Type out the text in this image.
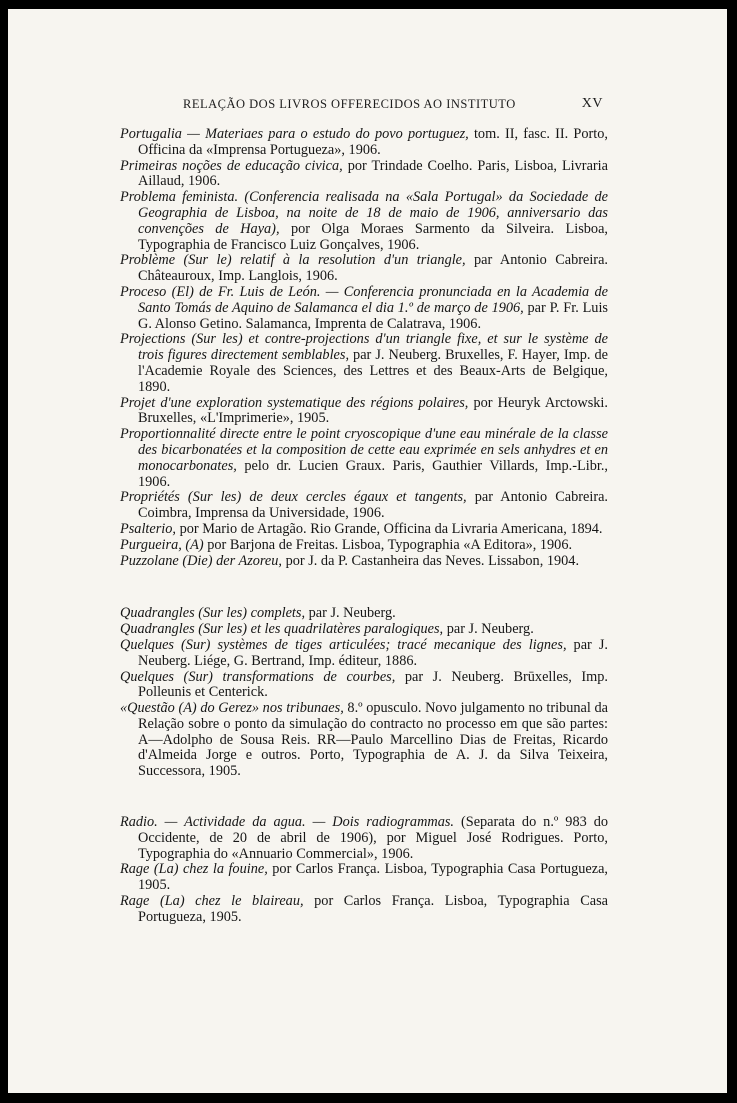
RELAÇÃO DOS LIVROS OFFERECIDOS AO INSTITUTO	XV

Portugalia — Materiaes para o estudo do povo portuguez, tom. II, fasc. II. Porto, Officina da «Imprensa Portugueza», 1906.

Primeiras noções de educação civica, por Trindade Coelho. Paris, Lisboa, Livraria Aillaud, 1906.

Problema feminista. (Conferencia realisada na «Sala Portugal» da Sociedade de Geographia de Lisboa, na noite de 18 de maio de 1906, anniversario das convenções de Haya), por Olga Moraes Sarmento da Silveira. Lisboa, Typographia de Francisco Luiz Gonçalves, 1906.

Problème (Sur le) relatif à la resolution d'un triangle, par Antonio Cabreira. Châteauroux, Imp. Langlois, 1906.

Proceso (El) de Fr. Luis de León. — Conferencia pronunciada en la Academia de Santo Tomás de Aquino de Salamanca el dia 1.º de março de 1906, par P. Fr. Luis G. Alonso Getino. Salamanca, Imprenta de Calatrava, 1906.

Projections (Sur les) et contre-projections d'un triangle fixe, et sur le système de trois figures directement semblables, par J. Neuberg. Bruxelles, F. Hayer, Imp. de l'Academie Royale des Sciences, des Lettres et des Beaux-Arts de Belgique, 1890.

Projet d'une exploration systematique des régions polaires, por Heuryk Arctowski. Bruxelles, «L'Imprimerie», 1905.

Proportionnalité directe entre le point cryoscopique d'une eau minérale de la classe des bicarbonatées et la composition de cette eau exprimée en sels anhydres et en monocarbonates, pelo dr. Lucien Graux. Paris, Gauthier Villards, Imp.-Libr., 1906.

Propriétés (Sur les) de deux cercles égaux et tangents, par Antonio Cabreira. Coimbra, Imprensa da Universidade, 1906.

Psalterio, por Mario de Artagão. Rio Grande, Officina da Livraria Americana, 1894.

Purgueira, (A) por Barjona de Freitas. Lisboa, Typographia «A Editora», 1906.

Puzzolane (Die) der Azoreu, por J. da P. Castanheira das Neves. Lissabon, 1904.

Quadrangles (Sur les) complets, par J. Neuberg.

Quadrangles (Sur les) et les quadrilatères paralogiques, par J. Neuberg.

Quelques (Sur) systèmes de tiges articulées; tracé mecanique des lignes, par J. Neuberg. Liége, G. Bertrand, Imp. éditeur, 1886.

Quelques (Sur) transformations de courbes, par J. Neuberg. Brūxelles, Imp. Polleunis et Centerick.

«Questão (A) do Gerez» nos tribunaes, 8.º opusculo. Novo julgamento no tribunal da Relação sobre o ponto da simulação do contracto no processo em que são partes: A—Adolpho de Sousa Reis. RR—Paulo Marcellino Dias de Freitas, Ricardo d'Almeida Jorge e outros. Porto, Typographia de A. J. da Silva Teixeira, Successora, 1905.

Radio. — Actividade da agua. — Dois radiogrammas. (Separata do n.º 983 do Occidente, de 20 de abril de 1906), por Miguel José Rodrigues. Porto, Typographia do «Annuario Commercial», 1906.

Rage (La) chez la fouine, por Carlos França. Lisboa, Typographia Casa Portugueza, 1905.

Rage (La) chez le blaireau, por Carlos França. Lisboa, Typographia Casa Portugueza, 1905.
